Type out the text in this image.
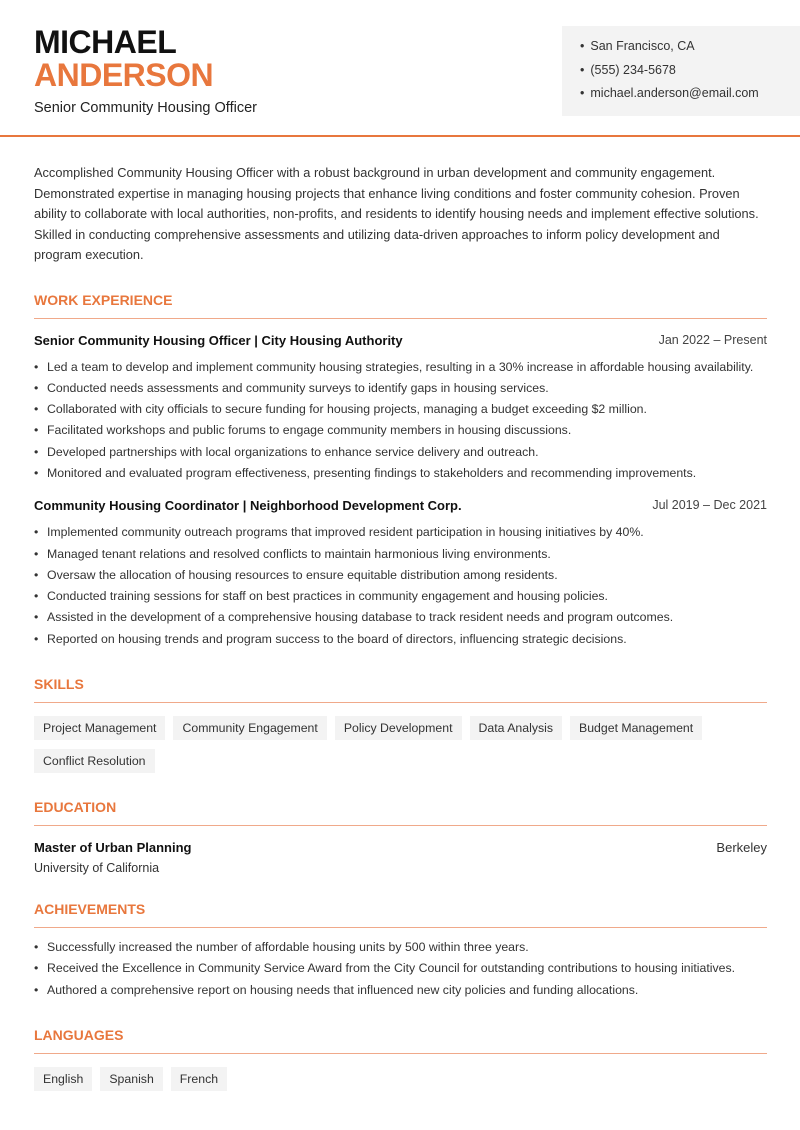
MICHAEL
ANDERSON
Senior Community Housing Officer
• San Francisco, CA
• (555) 234-5678
• michael.anderson@email.com

Accomplished Community Housing Officer with a robust background in urban development and community engagement. Demonstrated expertise in managing housing projects that enhance living conditions and foster community cohesion. Proven ability to collaborate with local authorities, non-profits, and residents to identify housing needs and implement effective solutions. Skilled in conducting comprehensive assessments and utilizing data-driven approaches to inform policy development and program execution.

WORK EXPERIENCE
Senior Community Housing Officer | City Housing Authority	Jan 2022 – Present
• Led a team to develop and implement community housing strategies, resulting in a 30% increase in affordable housing availability.
• Conducted needs assessments and community surveys to identify gaps in housing services.
• Collaborated with city officials to secure funding for housing projects, managing a budget exceeding $2 million.
• Facilitated workshops and public forums to engage community members in housing discussions.
• Developed partnerships with local organizations to enhance service delivery and outreach.
• Monitored and evaluated program effectiveness, presenting findings to stakeholders and recommending improvements.
Community Housing Coordinator | Neighborhood Development Corp.	Jul 2019 – Dec 2021
• Implemented community outreach programs that improved resident participation in housing initiatives by 40%.
• Managed tenant relations and resolved conflicts to maintain harmonious living environments.
• Oversaw the allocation of housing resources to ensure equitable distribution among residents.
• Conducted training sessions for staff on best practices in community engagement and housing policies.
• Assisted in the development of a comprehensive housing database to track resident needs and program outcomes.
• Reported on housing trends and program success to the board of directors, influencing strategic decisions.
SKILLS
Project Management	Community Engagement	Policy Development	Data Analysis	Budget Management
Conflict Resolution
EDUCATION
Master of Urban Planning	Berkeley
University of California
ACHIEVEMENTS
• Successfully increased the number of affordable housing units by 500 within three years.
• Received the Excellence in Community Service Award from the City Council for outstanding contributions to housing initiatives.
• Authored a comprehensive report on housing needs that influenced new city policies and funding allocations.
LANGUAGES
English	Spanish	French
